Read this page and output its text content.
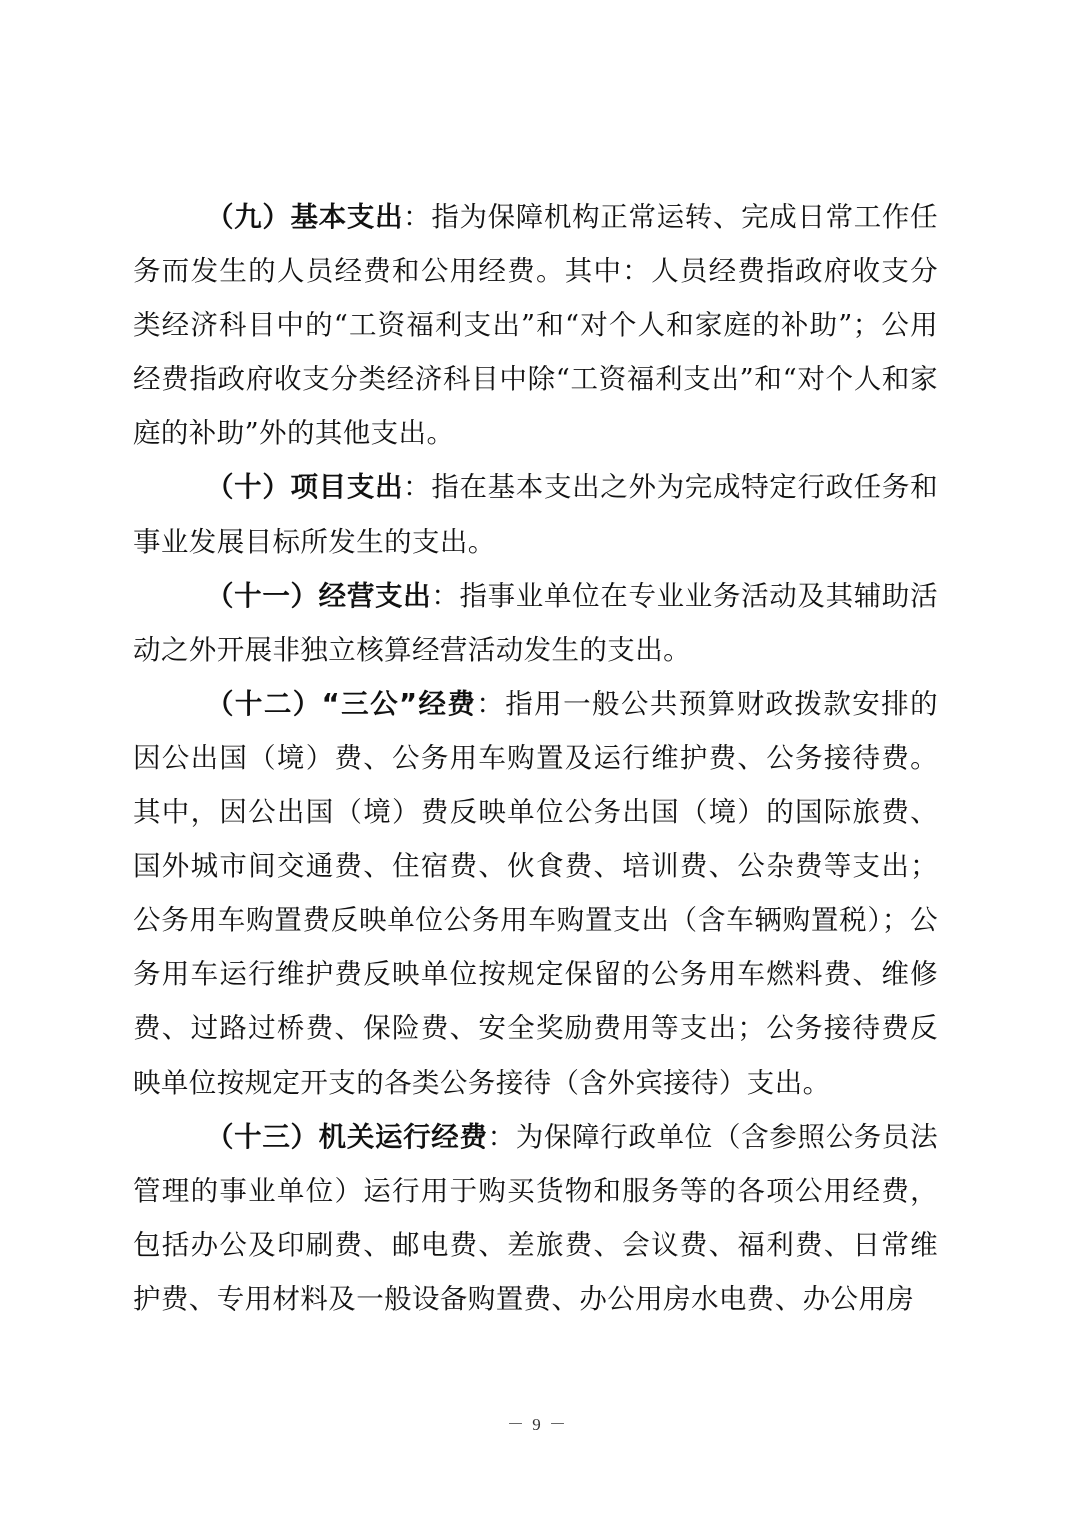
（九）基本支出：指为保障机构正常运转、完成日常工作任务而发生的人员经费和公用经费。其中：人员经费指政府收支分类经济科目中的“工资福利支出”和“对个人和家庭的补助”；公用经费指政府收支分类经济科目中除“工资福利支出”和“对个人和家庭的补助”外的其他支出。

（十）项目支出：指在基本支出之外为完成特定行政任务和事业发展目标所发生的支出。

（十一）经营支出：指事业单位在专业业务活动及其辅助活动之外开展非独立核算经营活动发生的支出。

（十二）“三公”经费：指用一般公共预算财政拨款安排的因公出国（境）费、公务用车购置及运行维护费、公务接待费。其中，因公出国（境）费反映单位公务出国（境）的国际旅费、国外城市间交通费、住宿费、伙食费、培训费、公杂费等支出；公务用车购置费反映单位公务用车购置支出（含车辆购置税）；公务用车运行维护费反映单位按规定保留的公务用车燃料费、维修费、过路过桥费、保险费、安全奖励费用等支出；公务接待费反映单位按规定开支的各类公务接待（含外宾接待）支出。

（十三）机关运行经费：为保障行政单位（含参照公务员法管理的事业单位）运行用于购买货物和服务等的各项公用经费，包括办公及印刷费、邮电费、差旅费、会议费、福利费、日常维护费、专用材料及一般设备购置费、办公用房水电费、办公用房

－ 9 －
